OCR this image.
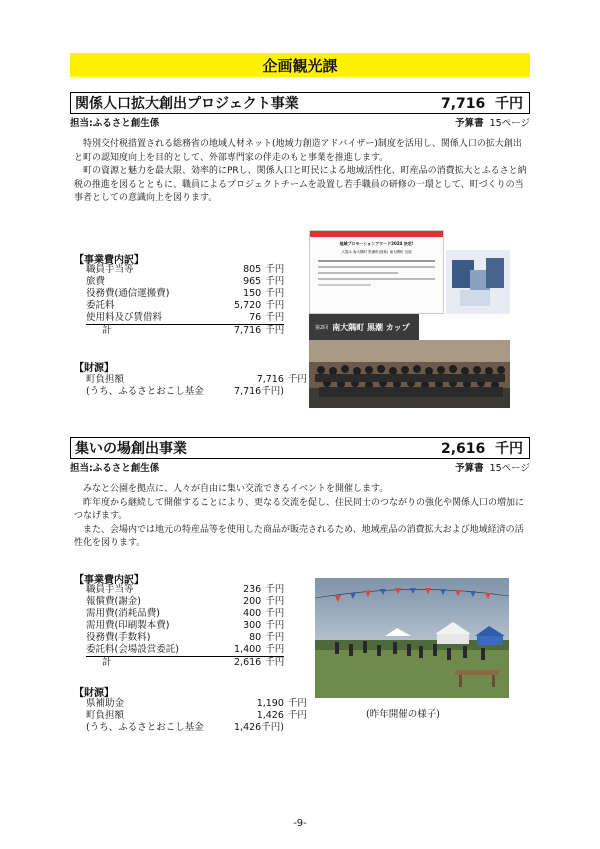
企画観光課
関係人口拡大創出プロジェクト事業	7,716 千円
担当:ふるさと創生係	予算書 15ページ

特別交付税措置される総務省の地域人材ネット(地域力創造アドバイザー)制度を活用し、関係人口の拡大創出と町の認知度向上を目的として、外部専門家の伴走のもと事業を推進します。

町の資源と魅力を最大限、効率的にPRし、関係人口と町民による地域活性化、町産品の消費拡大とふるさと納税の推進を図るとともに、職員によるプロジェクトチームを設置し若手職員の研修の一環として、町づくりの当事者としての意識向上を図ります。

【事業費内訳】
職員手当等	805	千円
旅費	965	千円
役務費(通信運搬費)	150	千円
委託料	5,720	千円
使用料及び賃借料	76	千円
計	7,716	千円
【財源】
町負担額	7,716	千円
(うち、ふるさとおこし基金	7,716千円)	
地域プロモーションアワード2024 決定!
大賞は 南大隅町 黒潮町(仮称) 南大隅町 出展
第2回 南大隅町 黒潮 カップ
集いの場創出事業	2,616 千円
担当:ふるさと創生係	予算書 15ページ

みなと公園を拠点に、人々が自由に集い交流できるイベントを開催します。

昨年度から継続して開催することにより、更なる交流を促し、住民同士のつながりの強化や関係人口の増加につなげます。

また、会場内では地元の特産品等を使用した商品が販売されるため、地域産品の消費拡大および地域経済の活性化を図ります。

【事業費内訳】
職員手当等	236	千円
報償費(謝金)	200	千円
需用費(消耗品費)	400	千円
需用費(印刷製本費)	300	千円
役務費(手数料)	80	千円
委託料(会場設営委託)	1,400	千円
計	2,616	千円
【財源】
県補助金	1,190	千円
町負担額	1,426	千円
(うち、ふるさとおこし基金	1,426千円)	
(昨年開催の様子)
-9-
